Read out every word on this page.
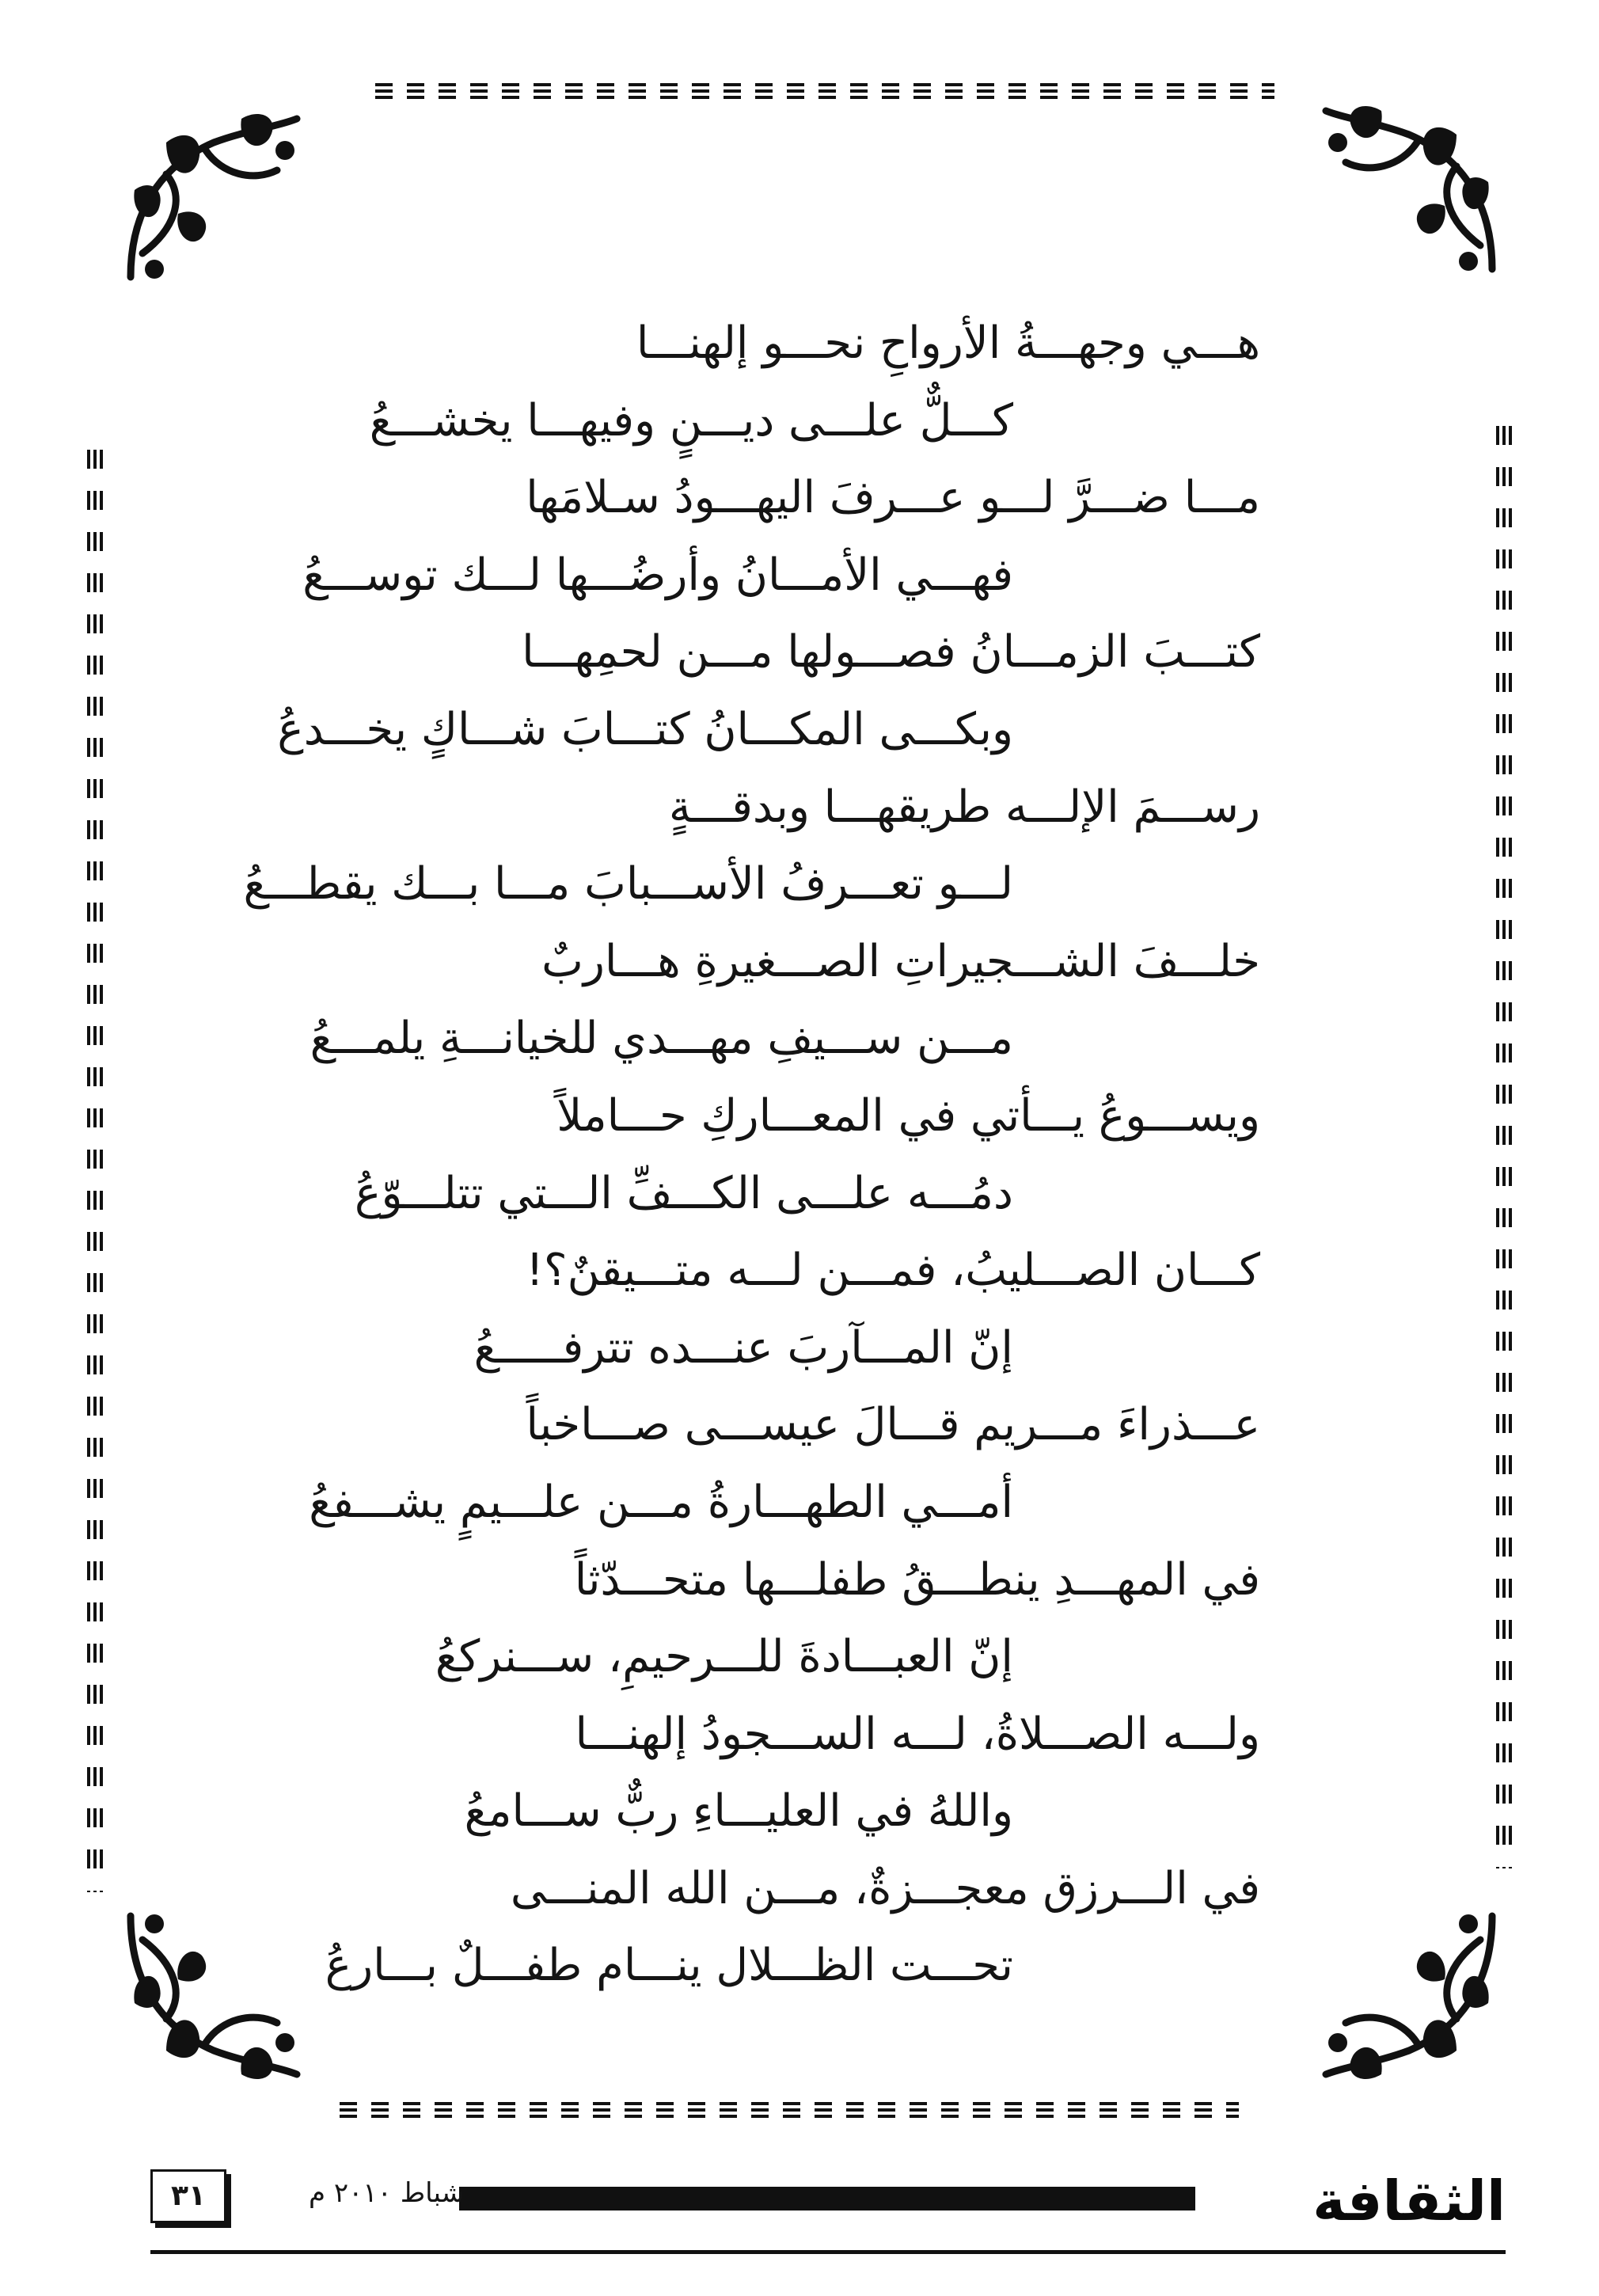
هـــي وجهـــةُ الأرواحِ نحـــو إلهنـــا
كـــلٌّ علـــى ديـــنٍ وفيهـــا يخشـــعُ
مـــا ضـــرَّ لـــو عـــرفَ اليهـــودُ سـلامَها
فهـــي الأمـــانُ وأرضُـــها لـــك توســـعُ
كتـــبَ الزمـــانُ فصـــولها مـــن لحمِهـــا
وبكـــى المكـــانُ كتـــابَ شـــاكٍ يخـــدعُ
رســـمَ الإلـــه طريقهـــا وبدقـــةٍ
لـــو تعـــرفُ الأســـبابَ مـــا بـــك يقطـــعُ
خلـــفَ الشـــجيراتِ الصـــغيرةِ هـــاربٌ
مـــن ســـيفِ مهـــدي للخيانـــةِ يلمـــعُ
ويســـوعُ يـــأتي في المعـــاركِ حـــاملاً
دمُـــه علـــى الكـــفِّ الـــتي تتلـــوّعُ
كـــان الصـــليبُ، فمـــن لـــه متـــيقنٌ؟!
إنّ المـــآربَ عنـــده تترفـــــعُ
عـــذراءَ مـــريم قـــالَ عيســـى صـــاخباً
أمـــي الطهـــارةُ مـــن علـــيمٍ يشـــفعُ
في المهـــدِ ينطـــقُ طفلـــها متحـــدّثاً
إنّ العبـــادةَ للـــرحيمِ، ســـنركعُ
ولـــه الصـــلاةُ، لـــه الســـجودُ إلهنـــا
واللهُ في العليـــاءِ ربٌّ ســـامعُ
في الـــرزق معجـــزةٌ، مـــن الله المنـــى
تحـــت الظـــلال ينـــام طفـــلٌ بـــارعُ
الثقافة
شباط ٢٠١٠ م
٣١
